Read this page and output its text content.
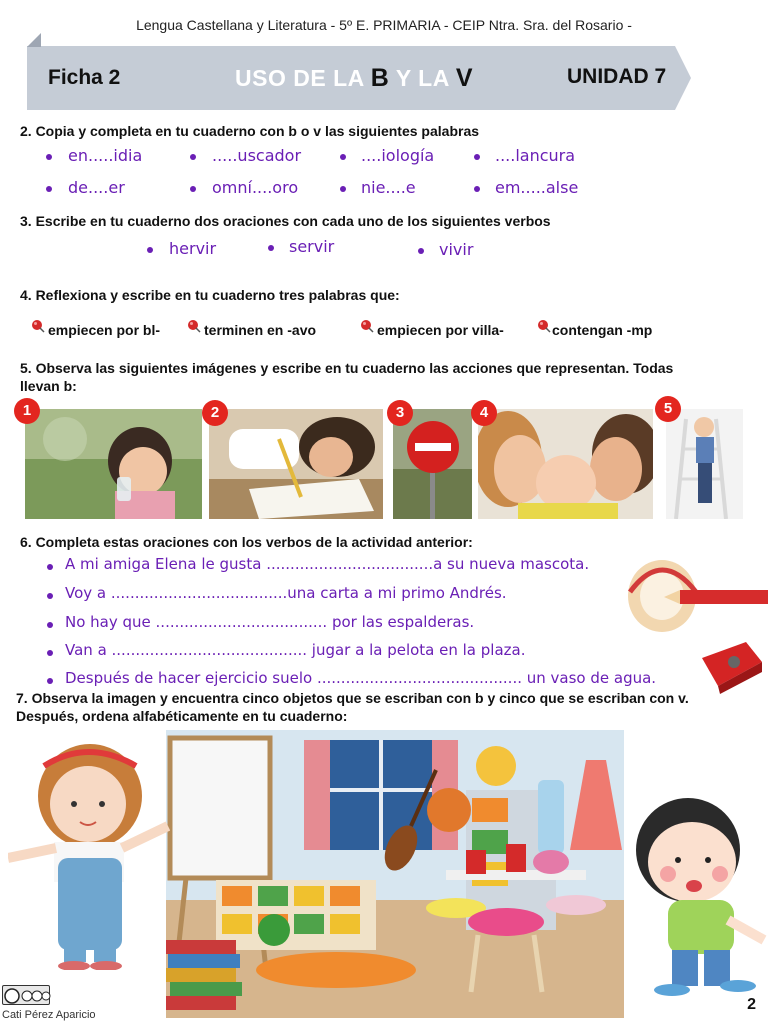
Lengua Castellana y Literatura - 5º E. PRIMARIA - CEIP Ntra. Sra. del Rosario -
Ficha 2	USO DE LA B Y LA V	UNIDAD 7
2. Copia y completa en tu cuaderno con b o v las siguientes palabras
en.....idia	.....uscador	....iología	....lancura
de....er	omní....oro	nie....e	em.....alse
3. Escribe en tu cuaderno dos oraciones con cada uno de los siguientes verbos
hervir	servir	vivir
4. Reflexiona y escribe en tu cuaderno tres palabras que:
empiecen por bl-	terminen en -avo	empiecen por villa-	contengan -mp
5. Observa las siguientes imágenes y escribe en tu cuaderno las acciones que representan. Todas
llevan b:
1	2	3	4	5
6. Completa estas oraciones con los verbos de la actividad anterior:
A mi amiga Elena le gusta ...................................a su nueva mascota.
Voy a .....................................una carta a mi primo Andrés.
No hay que .................................... por las espalderas.
Van a ......................................... jugar a la pelota en la plaza.
Después de hacer ejercicio suelo ........................................... un vaso de agua.
7. Observa la imagen y encuentra cinco objetos que se escriban con b y cinco que se escriban con v.
Después, ordena alfabéticamente en tu cuaderno:
Cati Pérez Aparicio
2
